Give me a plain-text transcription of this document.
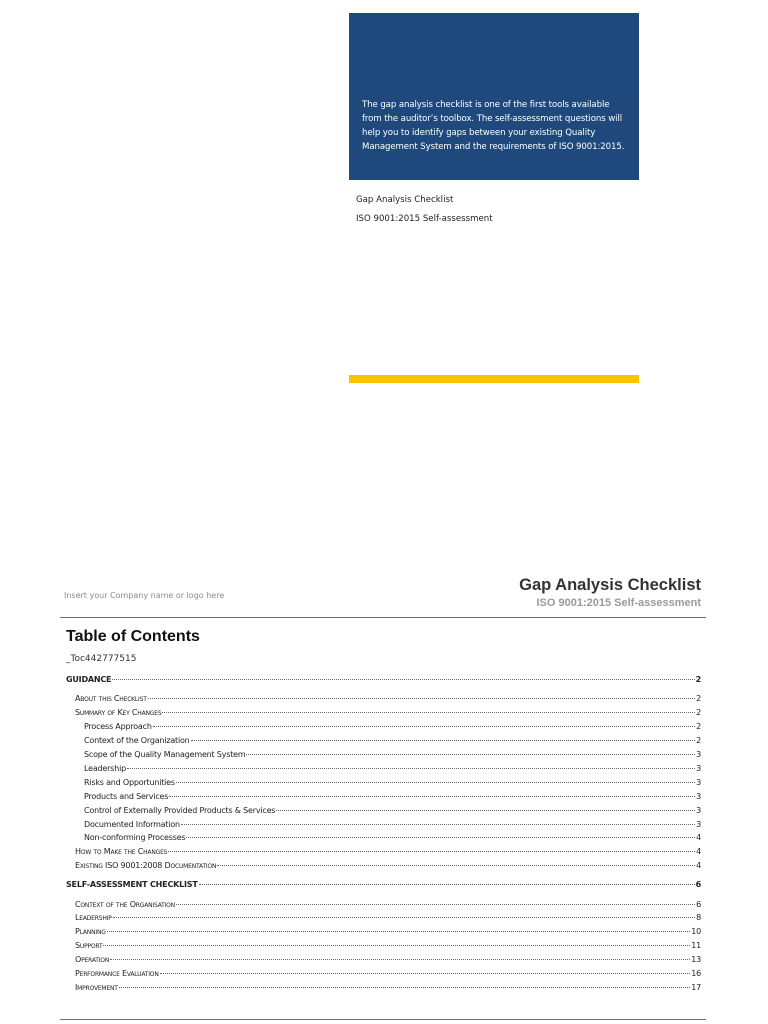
The gap analysis checklist is one of the first tools available from the auditor’s toolbox. The self-assessment questions will help you to identify gaps between your existing Quality Management System and the requirements of ISO 9001:2015.

Gap Analysis Checklist

ISO 9001:2015 Self-assessment

Insert your Company name or logo here

Gap Analysis Checklist

ISO 9001:2015 Self-assessment

Table of Contents
_Toc442777515
GUIDANCE	2
About this Checklist	2
Summary of Key Changes	2
Process Approach	2
Context of the Organization	2
Scope of the Quality Management System	3
Leadership	3
Risks and Opportunities	3
Products and Services	3
Control of Externally Provided Products & Services	3
Documented Information	3
Non-conforming Processes	4
How to Make the Changes	4
Existing ISO 9001:2008 Documentation	4
SELF-ASSESSMENT CHECKLIST	6
Context of the Organisation	6
Leadership	8
Planning	10
Support	11
Operation	13
Performance Evaluation	16
Improvement	17
